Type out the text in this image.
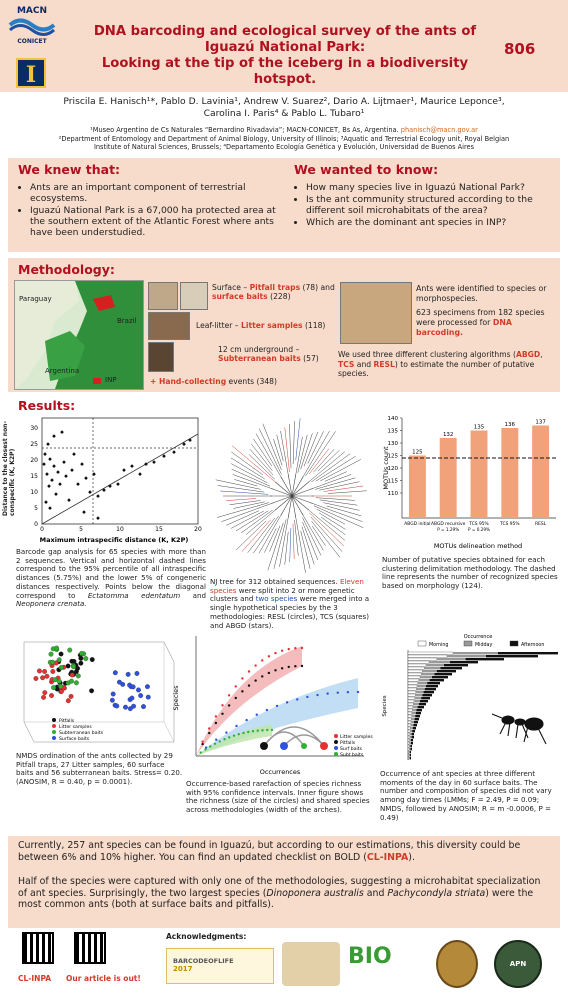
MACN
CONICET
I
DNA barcoding and ecological survey of the ants of
Iguazú National Park:
Looking at the tip of the iceberg in a biodiversity hotspot.
806
Priscila E. Hanisch¹*, Pablo D. Lavinia¹, Andrew V. Suarez², Dario A. Lijtmaer¹, Maurice Leponce³,
Carolina I. Paris⁴ & Pablo L. Tubaro¹
¹Museo Argentino de Cs Naturales “Bernardino Rivadavia”; MACN-CONICET, Bs As, Argentina. phanisch@macn.gov.ar
²Department of Entomology and Department of Animal Biology, University of Illinois; ³Aquatic and Terrestrial Ecology unit, Royal Belgian
Institute of Natural Sciences, Brussels; ⁴Departamento Ecología Genética y Evolución, Universidad de Buenos Aires
We knew that:
• Ants are an important component of terrestrial ecosystems.
• Iguazú National Park is a 67,000 ha protected area at the southern extent of the Atlantic Forest where ants have been understudied.
We wanted to know:
• How many species live in Iguazú National Park?
• Is the ant community structured according to the different soil microhabitats of the area?
• Which are the dominant ant species in INP?
Methodology:
Paraguay
Brazil
Argentina
INP
Surface – Pitfall traps (78) and surface baits (228)
Leaf-litter – Litter samples (118)
12 cm underground –
Subterranean baits (57)
+ Hand-collecting events (348)
Ants were identified to species or morphospecies.
623 specimens from 182 species were processed for DNA barcoding.
We used three different clustering algorithms (ABGD, TCS and RESL) to estimate the number of putative species.
Results:
0	5	10	15	20
0
5
10
15
20
25
30
Maximum intraspecific distance (K, K2P)
Distance to the closest non-conspecific (K, K2P)
Barcode gap analysis for 65 species with more than 2 sequences. Vertical and horizontal dashed lines correspond to the 95% percentile of all intraspecific distances (5.75%) and the lower 5% of congeneric distances respectively. Points below the diagonal correspond to Ectatomma edentatum and Neoponera crenata.
NJ tree for 312 obtained sequences. Eleven species were split into 2 or more genetic clusters and two species were merged into a single hypothetical species by the 3 methodologies: RESL (circles), TCS (squares) and ABGD (stars).
110
115
120
125
130
135
140
125
ABGD initial
132
ABGD recursive
P = 1.29%
135
TCS 95%
P = 0.29%
136
TCS 95%
137
RESL
MOTUs count
MOTUs delineation method
Number of putative species obtained for each clustering delimitation methodology. The dashed line represents the number of recognized species based on morphology (124).
Pitfalls
Litter samples
Subterranean baits
Surface baits
NMDS ordination of the ants collected by 29 Pitfall traps, 27 Litter samples, 60 surface baits and 56 subterranean baits. Stress= 0.20. (ANOSIM, R = 0.40, p = 0.0001).
Species
Occurrences
Litter samples
Pitfalls
Surf baits
Subt baits
Occurrence-based rarefaction of species richness with 95% confidence intervals. Inner figure shows the richness (size of the circles) and shared species across methodologies (width of the arches).
Occurrence
Morning	Midday	Afternoon
Species
Occurrence of ant species at three different moments of the day in 60 surface baits. The number and composition of species did not vary among day times (LMMs; F = 2.49, P = 0.09; NMDS, followed by ANOSIM; R = m -0.0006, P = 0.49)
Currently, 257 ant species can be found in Iguazú, but according to our estimations, this diversity could be between 6% and 10% higher. You can find an updated checklist on BOLD (CL-INPA).
Half of the species were captured with only one of the methodologies, suggesting a microhabitat specialization of ant species. Surprisingly, the two largest species (Dinoponera australis and Pachycondyla striata) were the most common ants (both at surface baits and pitfalls).
CL-INPA Our article is out!
Acknowledgments:
BARCODEOFLIFE
2017	BIO	APN
